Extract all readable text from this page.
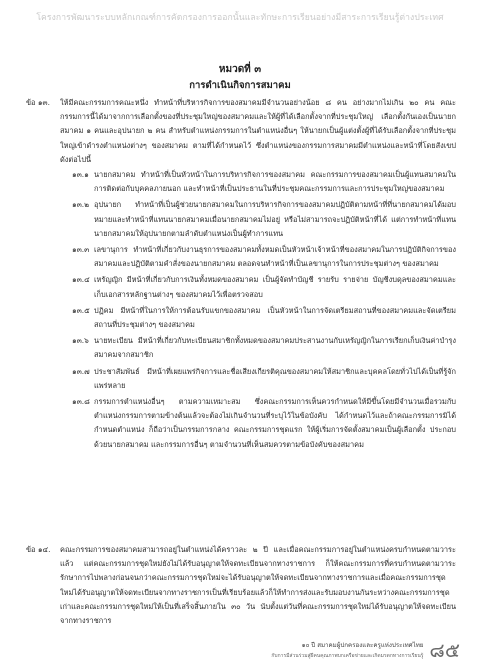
โครงการพัฒนาระบบหลักเกณฑ์การคัดกรองการออกนั้นและทักษะการเรียนอย่างมีสาระการเรียนรู้ต่างประเทศ
หมวดที่ ๓
การดำเนินกิจการสมาคม
ข้อ ๑๓.	ให้มีคณะกรรมการคณะหนึ่ง ทำหน้าที่บริหารกิจการของสมาคมมีจำนวนอย่างน้อย ๘ คน อย่างมากไม่เกิน ๒๐ คน คณะกรรมการนี้ได้มาจากการเลือกตั้งของที่ประชุมใหญ่ของสมาคมและให้ผู้ที่ได้เลือกตั้งจากที่ประชุมใหญ่ เลือกตั้งกันเองเป็นนายกสมาคม ๑ คนและอุปนายก ๒ คน สำหรับตำแหน่งกรรมการในตำแหน่งอื่นๆ ให้นายกเป็นผู้แต่งตั้งผู้ที่ได้รับเลือกตั้งจากที่ประชุมใหญ่เข้าดำรงตำแหน่งต่างๆ ของสมาคม ตามที่ได้กำหนดไว้ ซึ่งตำแหน่งของกรรมการสมาคมมีตำแหน่งและหน้าที่โดยสังเขปดังต่อไปนี้
๑๓.๑ นายกสมาคม ทำหน้าที่เป็นหัวหน้าในการบริหารกิจการของสมาคม คณะกรรมการของสมาคมเป็นผู้แทนสมาคมในการติดต่อกับบุคคลภายนอก และทำหน้าที่เป็นประธานในที่ประชุมคณะกรรมการและการประชุมใหญ่ของสมาคม
๑๓.๒ อุปนายก ทำหน้าที่เป็นผู้ช่วยนายกสมาคมในการบริหารกิจการของสมาคมปฏิบัติตามหน้าที่ที่นายกสมาคมได้มอบหมายและทำหน้าที่แทนนายกสมาคมเมื่อนายกสมาคมไม่อยู่ หรือไม่สามารถจะปฏิบัติหน้าที่ได้ แต่การทำหน้าที่แทนนายกสมาคมให้อุปนายกตามลำดับตำแหน่งเป็นผู้ทำการแทน
๑๓.๓ เลขานุการ ทำหน้าที่เกี่ยวกับงานธุรการของสมาคมทั้งหมดเป็นหัวหน้าเจ้าหน้าที่ของสมาคมในการปฏิบัติกิจการของสมาคมและปฏิบัติตามคำสั่งของนายกสมาคม ตลอดจนทำหน้าที่เป็นเลขานุการในการประชุมต่างๆ ของสมาคม
๑๓.๔ เหรัญญิก มีหน้าที่เกี่ยวกับการเงินทั้งหมดของสมาคม เป็นผู้จัดทำบัญชี รายรับ รายจ่าย บัญชีงบดุลของสมาคมและเก็บเอกสารหลักฐานต่างๆ ของสมาคมไว้เพื่อตรวจสอบ
๑๓.๕ ปฏิคม มีหน้าที่ในการให้การต้อนรับแขกของสมาคม เป็นหัวหน้าในการจัดเตรียมสถานที่ของสมาคมและจัดเตรียมสถานที่ประชุมต่างๆ ของสมาคม
๑๓.๖ นายทะเบียน มีหน้าที่เกี่ยวกับทะเบียนสมาชิกทั้งหมดของสมาคมประสานงานกับเหรัญญิกในการเรียกเก็บเงินค่าบำรุงสมาคมจากสมาชิก
๑๓.๗ ประชาสัมพันธ์ มีหน้าที่เผยแพร่กิจการและชื่อเสียงเกียรติคุณของสมาคมให้สมาชิกและบุคคลโดยทั่วไปได้เป็นที่รู้จักแพร่หลาย
๑๓.๘ กรรมการตำแหน่งอื่นๆ ตามความเหมาะสม ซึ่งคณะกรรมการเห็นควรกำหนดให้มีขึ้นโดยมีจำนวนเมื่อรวมกับตำแหน่งกรรมการตามข้างต้นแล้วจะต้องไม่เกินจำนวนที่ระบุไว้ในข้อบังคับ ได้กำหนดไว้และถ้าคณะกรรมการมิได้กำหนดตำแหน่ง ก็ถือว่าเป็นกรรมการกลาง คณะกรรมการชุดแรก ให้ผู้เริ่มการจัดตั้งสมาคมเป็นผู้เลือกตั้ง ประกอบด้วยนายกสมาคม และกรรมการอื่นๆ ตามจำนวนที่เห็นสมควรตามข้อบังคับของสมาคม
ข้อ ๑๔.	คณะกรรมการของสมาคมสามารถอยู่ในตำแหน่งได้คราวละ ๒ ปี และเมื่อคณะกรรมการอยู่ในตำแหน่งครบกำหนดตามวาระแล้ว แต่คณะกรรมการชุดใหม่ยังไม่ได้รับอนุญาตให้จดทะเบียนจากทางราชการ ก็ให้คณะกรรมการที่ครบกำหนดตามวาระรักษาการไปพลางก่อนจนกว่าคณะกรรมการชุดใหม่จะได้รับอนุญาตให้จดทะเบียนจากทางราชการและเมื่อคณะกรรมการชุดใหม่ได้รับอนุญาตให้จดทะเบียนจากทางราชการเป็นที่เรียบร้อยแล้วก็ให้ทำการส่งและรับมอบงานกันระหว่างคณะกรรมการชุดเก่าและคณะกรรมการชุดใหม่ให้เป็นที่เสร็จสิ้นภายใน ๓๐ วัน นับตั้งแต่วันที่คณะกรรมการชุดใหม่ได้รับอนุญาตให้จดทะเบียนจากทางราชการ
๑๐ ปี สมาคมผู้ปกครองและครูแห่งประเทศไทย
กับการมีส่วนร่วมสู่ฝีคนคุณภาพบกเครือข่ายและเกิดมรดกทางการเรียนรู้ ๘๕
